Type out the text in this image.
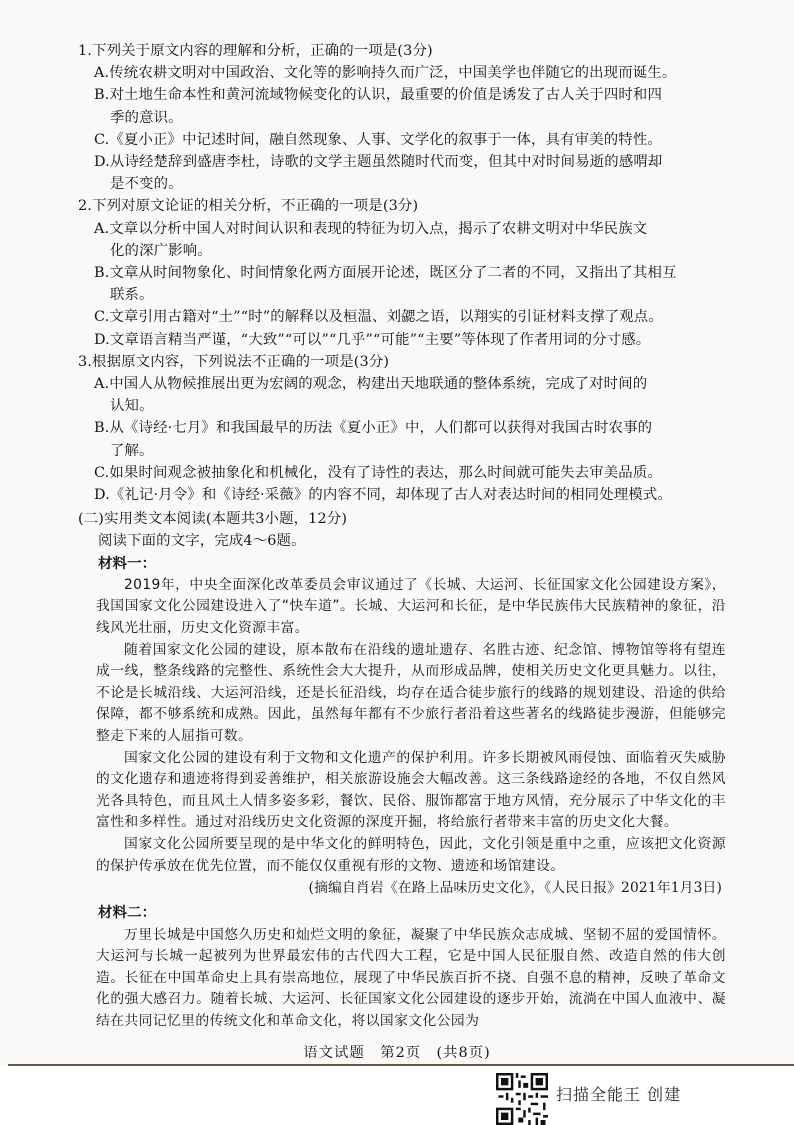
1.下列关于原文内容的理解和分析，正确的一项是(3分)

A.传统农耕文明对中国政治、文化等的影响持久而广泛，中国美学也伴随它的出现而诞生。

B.对土地生命本性和黄河流域物候变化的认识，最重要的价值是诱发了古人关于四时和四

季的意识。

C.《夏小正》中记述时间，融自然现象、人事、文学化的叙事于一体，具有审美的特性。

D.从诗经楚辞到盛唐李杜，诗歌的文学主题虽然随时代而变，但其中对时间易逝的感喟却

是不变的。

2.下列对原文论证的相关分析，不正确的一项是(3分)

A.文章以分析中国人对时间认识和表现的特征为切入点，揭示了农耕文明对中华民族文

化的深广影响。

B.文章从时间物象化、时间情象化两方面展开论述，既区分了二者的不同，又指出了其相互

联系。

C.文章引用古籍对“土”“时”的解释以及桓温、刘勰之语，以翔实的引证材料支撑了观点。

D.文章语言精当严谨，“大致”“可以”“几乎”“可能”“主要”等体现了作者用词的分寸感。

3.根据原文内容，下列说法不正确的一项是(3分)

A.中国人从物候推展出更为宏阔的观念，构建出天地联通的整体系统，完成了对时间的

认知。

B.从《诗经·七月》和我国最早的历法《夏小正》中，人们都可以获得对我国古时农事的

了解。

C.如果时间观念被抽象化和机械化，没有了诗性的表达，那么时间就可能失去审美品质。

D.《礼记·月令》和《诗经·采薇》的内容不同，却体现了古人对表达时间的相同处理模式。

(二)实用类文本阅读(本题共3小题，12分)

阅读下面的文字，完成4～6题。

材料一：

2019年，中央全面深化改革委员会审议通过了《长城、大运河、长征国家文化公园建设方案》，我国国家文化公园建设进入了“快车道”。长城、大运河和长征，是中华民族伟大民族精神的象征，沿线风光壮丽，历史文化资源丰富。

随着国家文化公园的建设，原本散布在沿线的遗址遗存、名胜古迹、纪念馆、博物馆等将有望连成一线，整条线路的完整性、系统性会大大提升，从而形成品牌，使相关历史文化更具魅力。以往，不论是长城沿线、大运河沿线，还是长征沿线，均存在适合徒步旅行的线路的规划建设、沿途的供给保障，都不够系统和成熟。因此，虽然每年都有不少旅行者沿着这些著名的线路徒步漫游，但能够完整走下来的人屈指可数。

国家文化公园的建设有利于文物和文化遗产的保护利用。许多长期被风雨侵蚀、面临着灭失威胁的文化遗存和遗迹将得到妥善维护，相关旅游设施会大幅改善。这三条线路途经的各地，不仅自然风光各具特色，而且风土人情多姿多彩，餐饮、民俗、服饰都富于地方风情，充分展示了中华文化的丰富性和多样性。通过对沿线历史文化资源的深度开掘，将给旅行者带来丰富的历史文化大餐。

国家文化公园所要呈现的是中华文化的鲜明特色，因此，文化引领是重中之重，应该把文化资源的保护传承放在优先位置，而不能仅仅重视有形的文物、遗迹和场馆建设。

(摘编自肖岩《在路上品味历史文化》，《人民日报》2021年1月3日)

材料二：

万里长城是中国悠久历史和灿烂文明的象征，凝聚了中华民族众志成城、坚韧不屈的爱国情怀。大运河与长城一起被列为世界最宏伟的古代四大工程，它是中国人民征服自然、改造自然的伟大创造。长征在中国革命史上具有崇高地位，展现了中华民族百折不挠、自强不息的精神，反映了革命文化的强大感召力。随着长城、大运河、长征国家文化公园建设的逐步开始，流淌在中国人血液中、凝结在共同记忆里的传统文化和革命文化，将以国家文化公园为

语文试题　第2页　(共8页)
扫描全能王 创建
